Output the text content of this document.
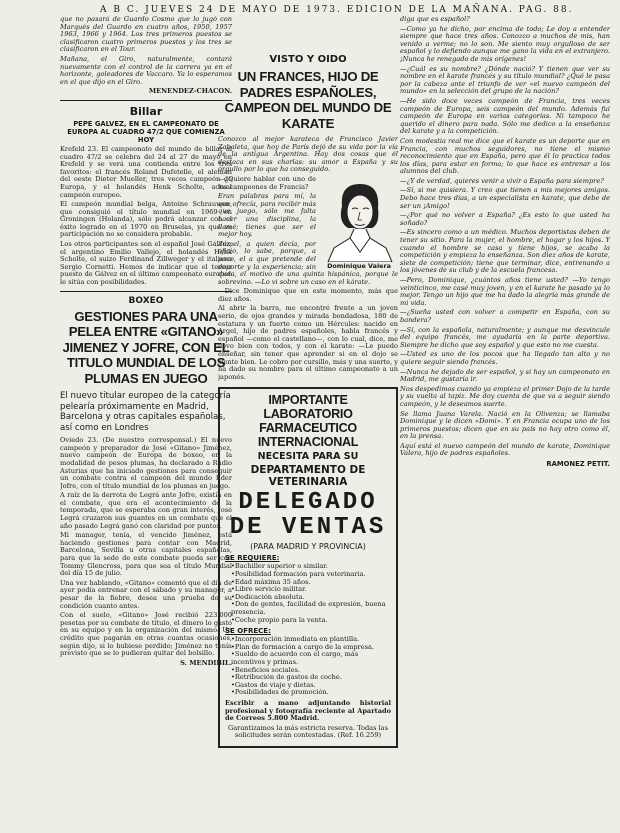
A B C. JUEVES 24 DE MAYO DE 1973. EDICION DE LA MAÑANA. PAG. 88.

que no pasará de Guardo Cosmo que lo jugó con Marqués del Guardo en cuatro años, 1950, 1957 1963, 1966 y 1964. Los tres primeros puestos se clasificaron cuatro primeros puestos y los tres se clasificaron en el Tour.

Mañana, el Giro, naturalmente, contará nuevamente con el control de la carrera ya en el horizonte, goleadores de Vaccaro. Ya lo esperamos en el que dijo en el Giro.

MENENDEZ-CHACON.

Billar
PEPE GALVEZ, EN EL CAMPEONATO DE EUROPA AL CUADRO 47/2 QUE COMIENZA HOY

Krefeld 23. El campeonato del mundo de billar al cuadro 47/2 se celebra del 24 al 27 de mayo en Krefeld y se verá una contienda entre los tres favoritos: el francés Roland Dufetelle, el alemán del oeste Dieter Mueller, tres veces campeón de Europa, y el holandés Henk Scholte, actual campeón europeo.

El campeón mundial belga, Antoine Schrauwen, que consiguió el título mundial en 1969 en Groningen (Holanda), sólo podrá alcanzar con el éxito logrado en el 1970 en Bruselas, ya que su participación no se considera probable.

Los otros participantes son el español José Gálvez, el argentino Emilio Vallejo, el holandés Henk Scholte, el suizo Ferdinand Zillweger y el italiano Sergio Cornetti. Hemos de indicar que el tercer puesto de Gálvez en el último campeonato europeo le sitúa con posibilidades.

BOXEO
GESTIONES PARA UNA PELEA ENTRE «GITANO» JIMENEZ Y JOFRE, CON EL TITULO MUNDIAL DE LOS PLUMAS EN JUEGO

El nuevo titular europeo de la categoría pelearía próximamente en Madrid, Barcelona y otras capitales españolas, así como en Londres

Oviedo 23. (De nuestro corresponsal.) El nuevo campeón y preparador de José «Gitano» Jiménez, nuevo campeón de Europa de boxeo, en la modalidad de pesos plumas, ha declarado a Radio Asturias que ha iniciado gestiones para conseguir un combate contra el campeón del mundo Eder Jofre, con el título mundial de los plumas en juego.

A raíz de la derrota de Legrá ante Jofre, existía en el combate, que era el acontecimiento de la temporada, que se esperaba con gran interés, José Legrá cruzaron sus guantes en un combate que el año pasado Legrá ganó con claridad por puntos.

Mi manager, tenía, el vencido Jiménez, está haciendo gestiones para contar con Madrid, Barcelona, Sevilla u otras capitales españolas, para que la sede de este combate pueda ser con Tommy Glencross, para que sea el título Mundial del día 15 de julio.

Una vez hablando, «Gitano» comentó que el día de ayer podía entrenar con el sábado y su manager, a pesar de la fiebre, desea una prueba de su condición cuanto antes.

Con el suelo, «Gitano» José recibió 223.000 pesetas por su combate de título, el dinero lo gastó en su equipo y en la organización del mismo. Un crédito que pagarán en otras cuantas ocasiones, según dijo, si lo hubiese perdido; Jiménez no tenía previsto que se lo pudieran quitar del bolsillo.

S. MENDIBIL.

VISTO Y OIDO
UN FRANCES, HIJO DE PADRES ESPAÑOLES, CAMPEON DEL MUNDO DE KARATE

Conozco al mejor karateca de Francisco Javier Zabaleta, que hoy de París dejó de su vida por la vía de la antigua Argentina. Hay dos cosas que él destaca en sus charlas: su amor a España y su orgullo por lo que ha conseguido.

Dominique Valera

—¿Quiere hablar con uno de los campeones de Francia?

Eran palabras para mí, la que ofrecía, para recibir más que juego, sólo me falta hacer una disciplina, la llamé; tienes que ser el mejor hoy.

Zúmel, a quien decía, por oficio, lo sabe, porque, a poco, el a que pretende del deporte y la experiencia; sin duda, el motivo de una quinta hispánica, porque le sobrevino. —Lo vi sobre un caso en el kárate.

—Dice Dominique que en este momento, más que diez años.

Al abrir la barra, me encontré frente a un joven serio, de ojos grandes y mirada bondadosa, 180 de estatura y un fuerte como un Hércules: nacido en Argel, hijo de padres españoles, habla francés y español —como el castellano—, con lo cual, dice, me llevo bien con todos, y con el karate: —Le puedo enseñar, sin tener que aprender si en el dojo se siente bien. Le cobro por cursillo, más y una suerte, y ha dado su nombre para el último campeonato a un japonés.

IMPORTANTE LABORATORIO FARMACEUTICO INTERNACIONAL
NECESITA PARA SU
DEPARTAMENTO DE VETERINARIA
DELEGADO
DE VENTAS
(PARA MADRID Y PROVINCIA)
SE REQUIERE:
• Bachiller superior o similar.
• Posibilidad formación para veterinaria.
• Edad máxima 35 años.
• Libre servicio militar.
• Dedicación absoluta.
• Don de gentes, facilidad de expresión, buena presencia.
• Coche propio para la venta.
SE OFRECE:
• Incorporación inmediata en plantilla.
• Plan de formación a cargo de la empresa.
• Sueldo de acuerdo con el cargo, más incentivos y primas.
• Beneficios sociales.
• Retribución de gastos de coche.
• Gastos de viaje y dietas.
• Posibilidades de promoción.

Escribir a mano adjuntando historial profesional y fotografía reciente al Apartado de Correos 5.800 Madrid.

Garantizamos la más estricta reserva. Todas las solicitudes serán contestadas. (Ref. 16.259)

diga que es español?

—Como ya he dicho, por encima de todo; Le doy a entender siempre que hace tres años. Conozco a muchos de mis, han venido a verme; no lo son. Me siento muy orgulloso de ser español y lo defiendo aunque me gano la vida en el extranjero. ¡Nunca he renegado de mis orígenes!

—¿Cuál es su nombre? ¿Dónde nació? Y tienen que ver su nombre en el karate francés y su título mundial? ¿Qué le pasa por la cabeza ante el triunfo de ver «el nuevo campeón del mundo» en la selección del grupo de la nación?

—He sido doce veces campeón de Francia, tres veces campeón de Europa, seis campeón del mundo. Además fui campeón de Europa en varias categorías. Ni tampoco he querido el dinero para nada. Sólo me dedico a la enseñanza del karate y a la competición.

Con modestia real me dice que el karate es un deporte que en Francia, con muchos seguidores, no tiene el mismo reconocimiento que en España, pero que él lo practica todos los días, para estar en forma; lo que hace es entrenar a los alumnos del club.

—¿Y de verdad, quieres venir a vivir a España para siempre?

—Sí, si me quisiera. Y creo que tienen a mis mejores amigos. Debo hace tres días, a un especialista en karate, que debe de ser un ¡Amigo!

—¿Por qué no volver a España? ¿Es esto lo que usted ha soñado?

—Es sincero como a un médico. Muchos deportistas deben de tener su sitio. Para la mujer, el hombre, el hogar y los hijos. Y cuando el hombre se casa y tiene hijos, se acaba la competición y empieza la enseñanza. Son diez años de karate, siete de competición; tiene que terminar, dice, entrenando a los jóvenes de su club y de la escuela francesa.

—Pero, Dominique, ¿cuántos años tiene usted? —Yo tengo veinticinco, me casé muy joven, y en el karate he pasado ya lo mejor. Tengo un hijo que me ha dado la alegría más grande de mi vida.

—¿Sueña usted con volver a competir en España, con su bandera?

—Sí, con la española, naturalmente; y aunque me desvincule del equipo francés, me ayudaría en la parte deportiva. Siempre he dicho que soy español y que esto no me cuesta.

—Usted es uno de los pocos que ha llegado tan alto y no quiere seguir siendo francés.

—Nunca he dejado de ser español, y si hay un campeonato en Madrid, me gustaría ir.

Nos despedimos cuando ya empieza el primer Dojo de la tarde y su vuelta al tapiz. Me doy cuenta de que va a seguir siendo campeón, y le deseamos suerte.

Se llama Juana Varela. Nació en la Olivenza; se llamaba Dominique y le dicen «Domi». Y en Francia ocupa uno de los primeros puestos; dicen que en su país no hay otro como él, en la prensa.

Aquí está el nuevo campeón del mundo de karate, Dominique Valera, hijo de padres españoles.

RAMONEZ PETIT.
